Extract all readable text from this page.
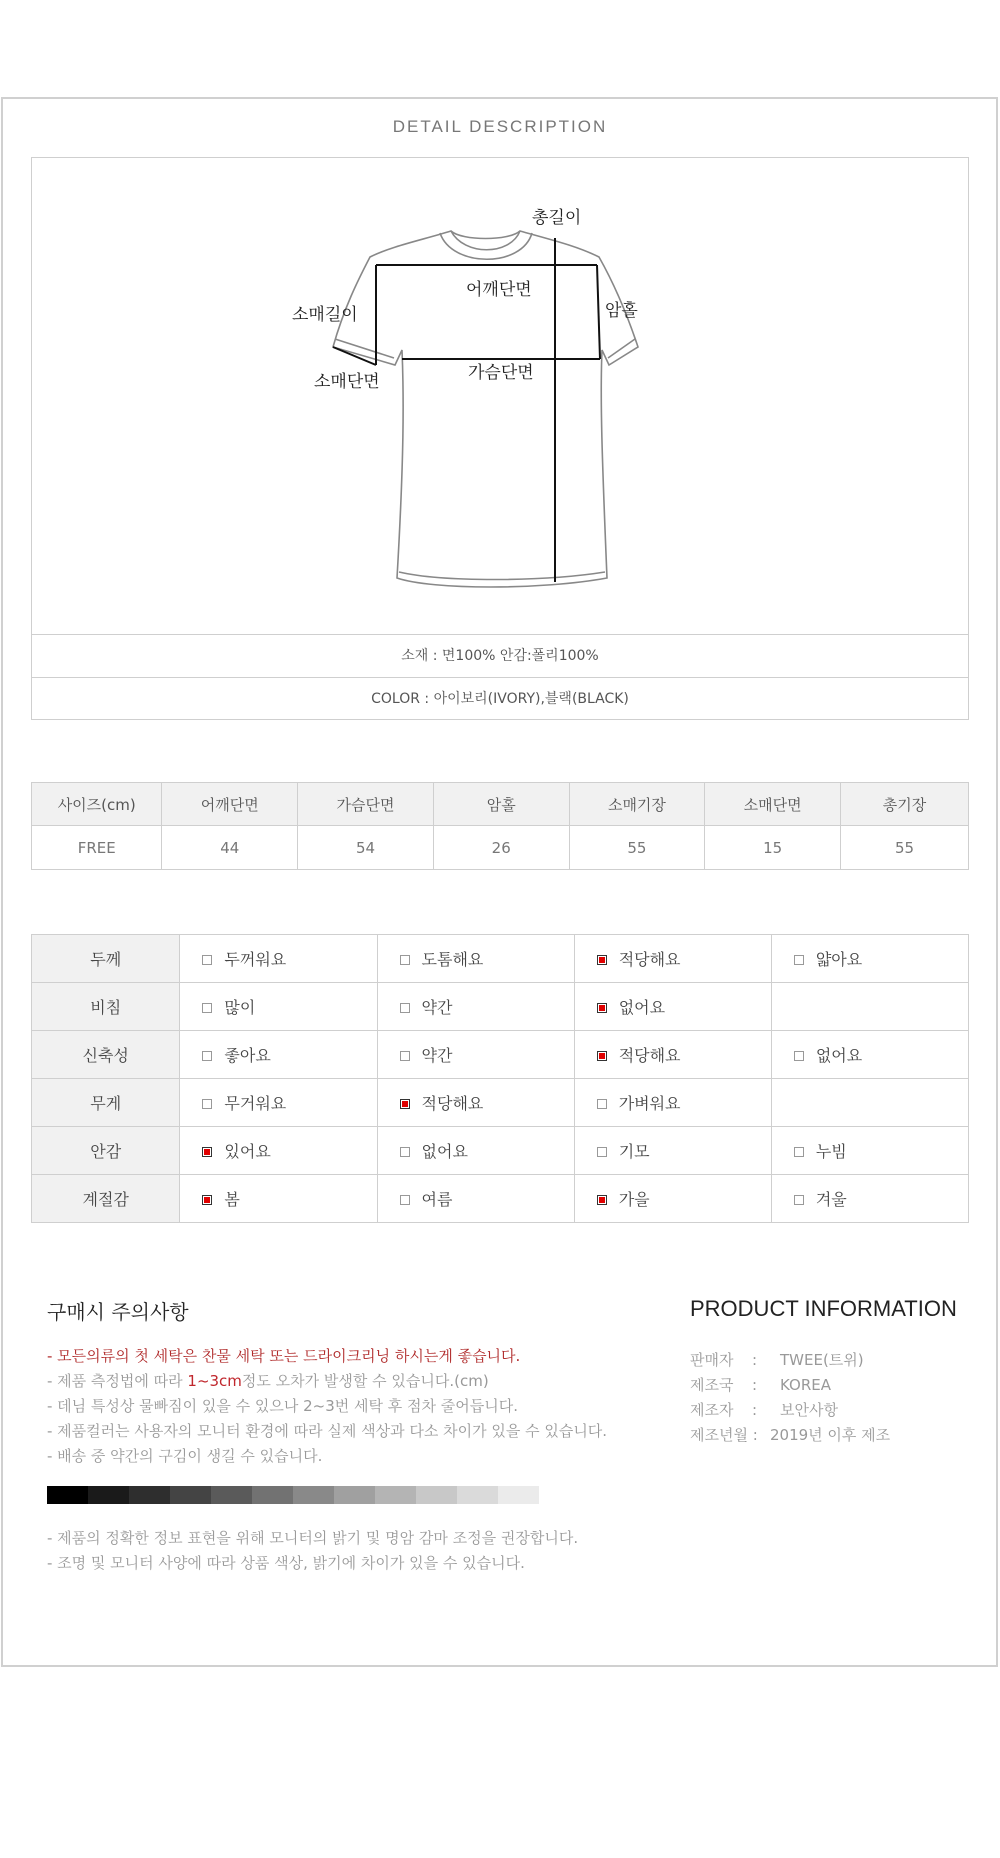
DETAIL DESCRIPTION
총길이
어깨단면
소매길이	암홀
소매단면	가슴단면
소재 : 면100% 안감:폴리100%
COLOR : 아이보리(IVORY),블랙(BLACK)
사이즈(cm)	어깨단면	가슴단면	암홀	소매기장	소매단면	총기장
FREE	44	54	26	55	15	55
두께	두꺼워요	도톰해요	적당해요	얇아요
비침	많이	약간	없어요	
신축성	좋아요	약간	적당해요	없어요
무게	무거워요	적당해요	가벼워요	
안감	있어요	없어요	기모	누빔
계절감	봄	여름	가을	겨울
구매시 주의사항
- 모든의류의 첫 세탁은 찬물 세탁 또는 드라이크리닝 하시는게 좋습니다.
- 제품 측정법에 따라 1~3cm정도 오차가 발생할 수 있습니다.(cm)
- 데님 특성상 물빠짐이 있을 수 있으나 2~3번 세탁 후 점차 줄어듭니다.
- 제품컬러는 사용자의 모니터 환경에 따라 실제 색상과 다소 차이가 있을 수 있습니다.
- 배송 중 약간의 구김이 생길 수 있습니다.
- 제품의 정확한 정보 표현을 위해 모니터의 밝기 및 명암 감마 조정을 권장합니다.
- 조명 및 모니터 사양에 따라 상품 색상, 밝기에 차이가 있을 수 있습니다.
PRODUCT INFORMATION
판매자 : TWEE(트위)
제조국 : KOREA
제조자 : 보안사항
제조년월 : 2019년 이후 제조
